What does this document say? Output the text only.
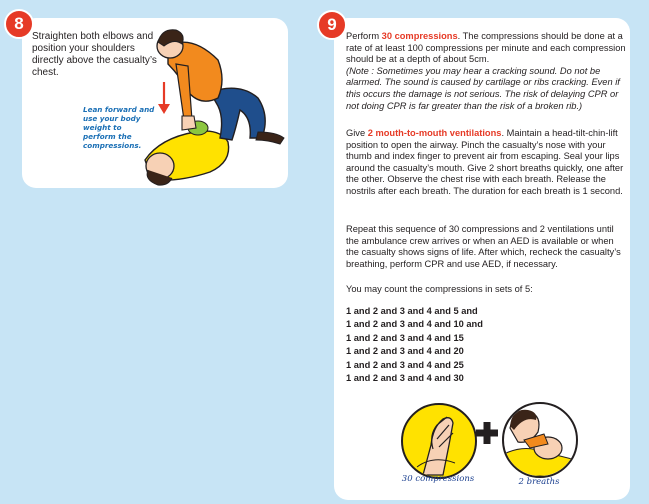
8

Straighten both elbows and position your shoulders directly above the casualty’s chest.

Lean forward and use your body weight to perform the compressions.

9

Perform 30 compressions. The compressions should be done at a rate of at least 100 compressions per minute and each compression should be at a depth of about 5cm.
(Note : Sometimes you may hear a cracking sound. Do not be alarmed. The sound is caused by cartilage or ribs cracking. Even if this occurs the damage is not serious. The risk of delaying CPR or not doing CPR is far greater than the risk of a broken rib.)

Give 2 mouth-to-mouth ventilations. Maintain a head-tilt-chin-lift position to open the airway. Pinch the casualty’s nose with your thumb and index finger to prevent air from escaping. Seal your lips around the casualty’s mouth. Give 2 short breaths quickly, one after the other. Observe the chest rise with each breath. Release the nostrils after each breath. The duration for each breath is 1 second.

Repeat this sequence of 30 compressions and 2 ventilations until the ambulance crew arrives or when an AED is available or when the casualty shows signs of life. After which, recheck the casualty’s breathing, perform CPR and use AED, if necessary.

You may count the compressions in sets of 5:

1 and 2 and 3 and 4 and 5 and
1 and 2 and 3 and 4 and 10 and
1 and 2 and 3 and 4 and 15
1 and 2 and 3 and 4 and 20
1 and 2 and 3 and 4 and 25
1 and 2 and 3 and 4 and 30
30 compressions	2 breaths
